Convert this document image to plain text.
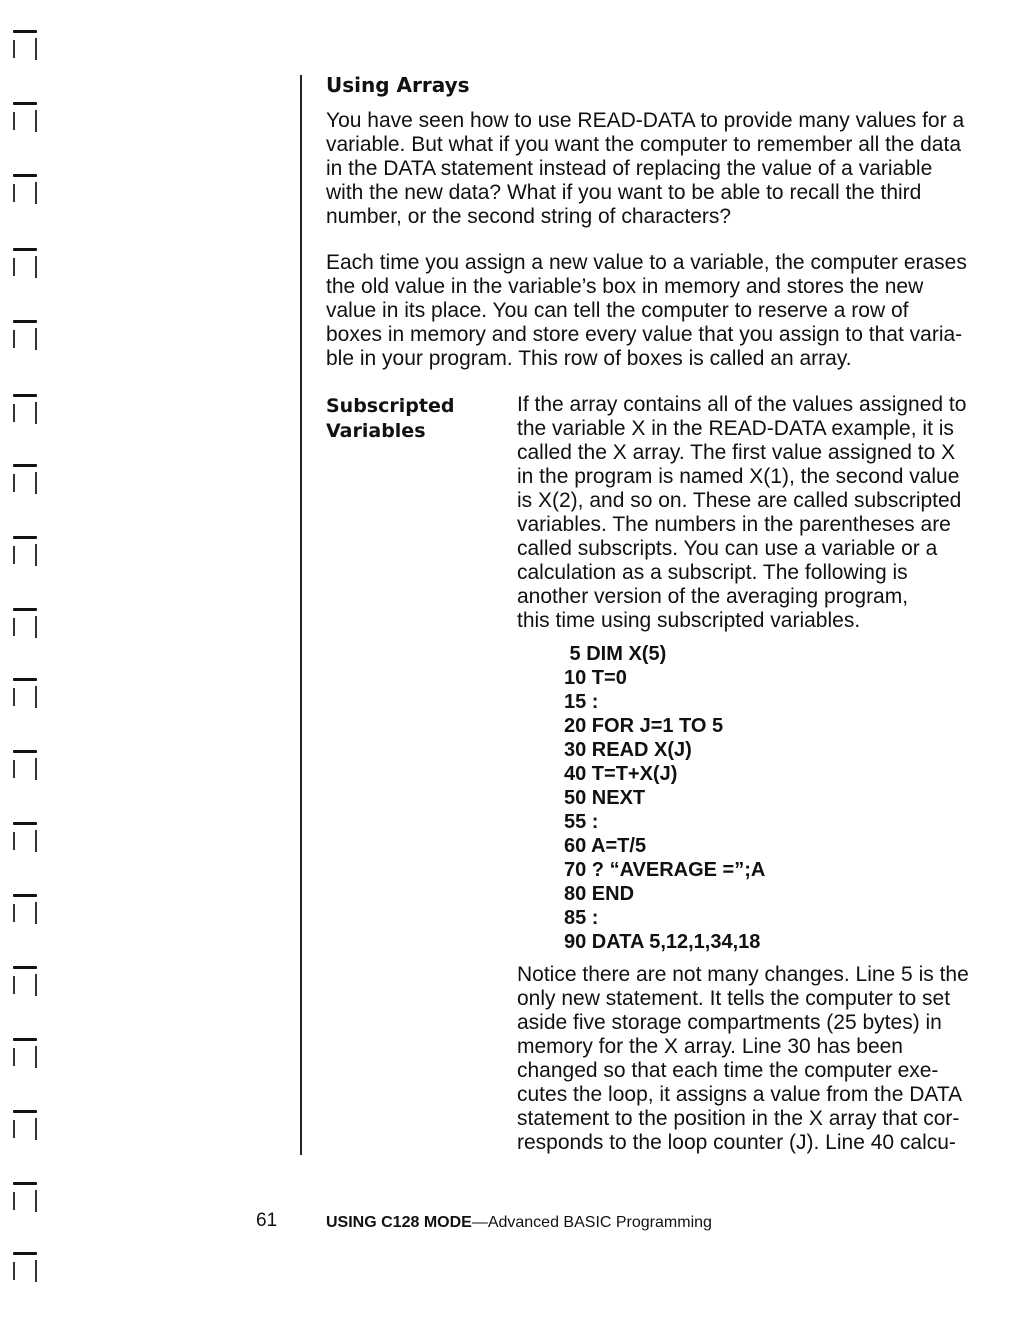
Using Arrays

You have seen how to use READ-DATA to provide many values for a
variable. But what if you want the computer to remember all the data
in the DATA statement instead of replacing the value of a variable
with the new data? What if you want to be able to recall the third
number, or the second string of characters?

Each time you assign a new value to a variable, the computer erases
the old value in the variable’s box in memory and stores the new
value in its place. You can tell the computer to reserve a row of
boxes in memory and store every value that you assign to that varia-
ble in your program. This row of boxes is called an array.

Subscripted
Variables

If the array contains all of the values assigned to
the variable X in the READ-DATA example, it is
called the X array. The first value assigned to X
in the program is named X(1), the second value
is X(2), and so on. These are called subscripted
variables. The numbers in the parentheses are
called subscripts. You can use a variable or a
calculation as a subscript. The following is
another version of the averaging program,
this time using subscripted variables.

5 DIM X(5)
10 T=0
15 :
20 FOR J=1 TO 5
30 READ X(J)
40 T=T+X(J)
50 NEXT
55 :
60 A=T/5
70 ? “AVERAGE =”;A
80 END
85 :
90 DATA 5,12,1,34,18

Notice there are not many changes. Line 5 is the
only new statement. It tells the computer to set
aside five storage compartments (25 bytes) in
memory for the X array. Line 30 has been
changed so that each time the computer exe-
cutes the loop, it assigns a value from the DATA
statement to the position in the X array that cor-
responds to the loop counter (J). Line 40 calcu-

61	USING C128 MODE—Advanced BASIC Programming
